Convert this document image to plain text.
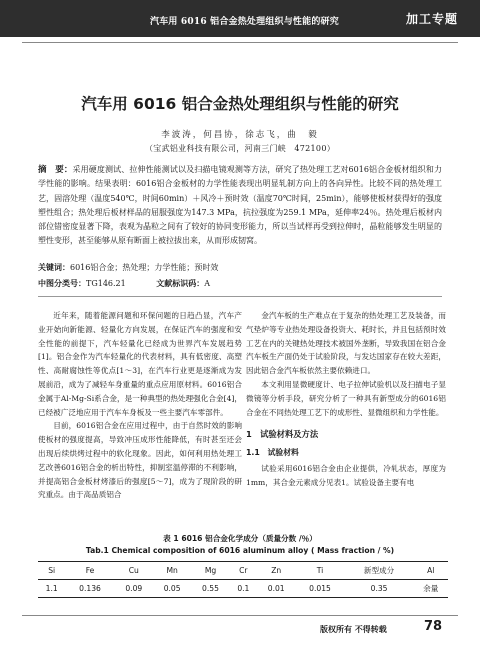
汽车用 6016 铝合金热处理组织与性能的研究	加工专题
汽车用 6016 铝合金热处理组织与性能的研究
李波涛，何昌协，徐志飞，曲　毅
（宝武铝业科技有限公司，河南三门峡　472100）
摘　要：采用硬度测试、拉伸性能测试以及扫描电镜观测等方法，研究了热处理工艺对6016铝合金板材组织和力学性能的影响。结果表明：6016铝合金板材的力学性能表现出明显轧制方向上的各向异性。比较不同的热处理工艺，固溶处理（温度540℃，时间60min）＋风冷＋预时效（温度70℃时间，25min），能够使板材获得好的强度塑性组合；热处理后板材样品的屈服强度为147.3 MPa，抗拉强度为259.1 MPa，延伸率24％。热处理后板材内部位错密度显著下降，表观为晶粒之间有了较好的协同变形能力，所以当试样再受到拉伸时，晶粒能够发生明显的塑性变形，甚至能够从原有断面上被拉拔出来，从而形成韧窝。
关键词：6016铝合金；热处理；力学性能；预时效
中图分类号：TG146.21	文献标识码：A

近年来，随着能源问题和环保问题的日趋凸显，汽车产业开始向新能源、轻量化方向发展，在保证汽车的强度和安全性能的前提下，汽车轻量化已经成为世界汽车发展趋势[1]。铝合金作为汽车轻量化的代表材料，具有低密度、高塑性、高耐腐蚀性等优点[1～3]，在汽车行业更是逐渐成为发展前沿，成为了减轻车身重量的重点应用原材料。6016铝合金属于Al-Mg-Si系合金，是一种典型的热处理强化合金[4]，已经被广泛地应用于汽车车身板及一些主要汽车零部件。

目前，6016铝合金在应用过程中，由于自然时效的影响使板材的强度提高，导致冲压成形性能降低，有时甚至还会出现后续烘烤过程中的软化现象。因此，如何利用热处理工艺改善6016铝合金的析出特性，抑制室温停滞的不利影响，并提高铝合金板材烤漆后的强度[5～7]，成为了现阶段的研究重点。由于高品质铝合

金汽车板的生产难点在于复杂的热处理工艺及装备，而气垫炉等专业热处理设备投资大、耗时长，并且包括预时效工艺在内的关键热处理技术被国外垄断，导致我国在铝合金汽车板生产面仍处于试验阶段，与发达国家存在较大差距，因此铝合金汽车板依然主要依赖进口。

本文利用显微硬度计、电子拉伸试验机以及扫描电子显微镜等分析手段，研究分析了一种具有新型成分的6016铝合金在不同热处理工艺下的成形性、显微组织和力学性能。

1　试验材料及方法

1.1　试验材料

试验采用6016铝合金由企业提供，冷轧状态，厚度为1mm，其合金元素成分见表1。试验设备主要有电

表 1 6016 铝合金化学成分（质量分数 /％）
Tab.1 Chemical composition of 6016 aluminum alloy ( Mass fraction / %)
Si	Fe	Cu	Mn	Mg	Cr	Zn	Ti	新型成分	Al
1.1	0.136	0.09	0.05	0.55	0.1	0.01	0.015	0.35	余量
版权所有 不得转载	78
